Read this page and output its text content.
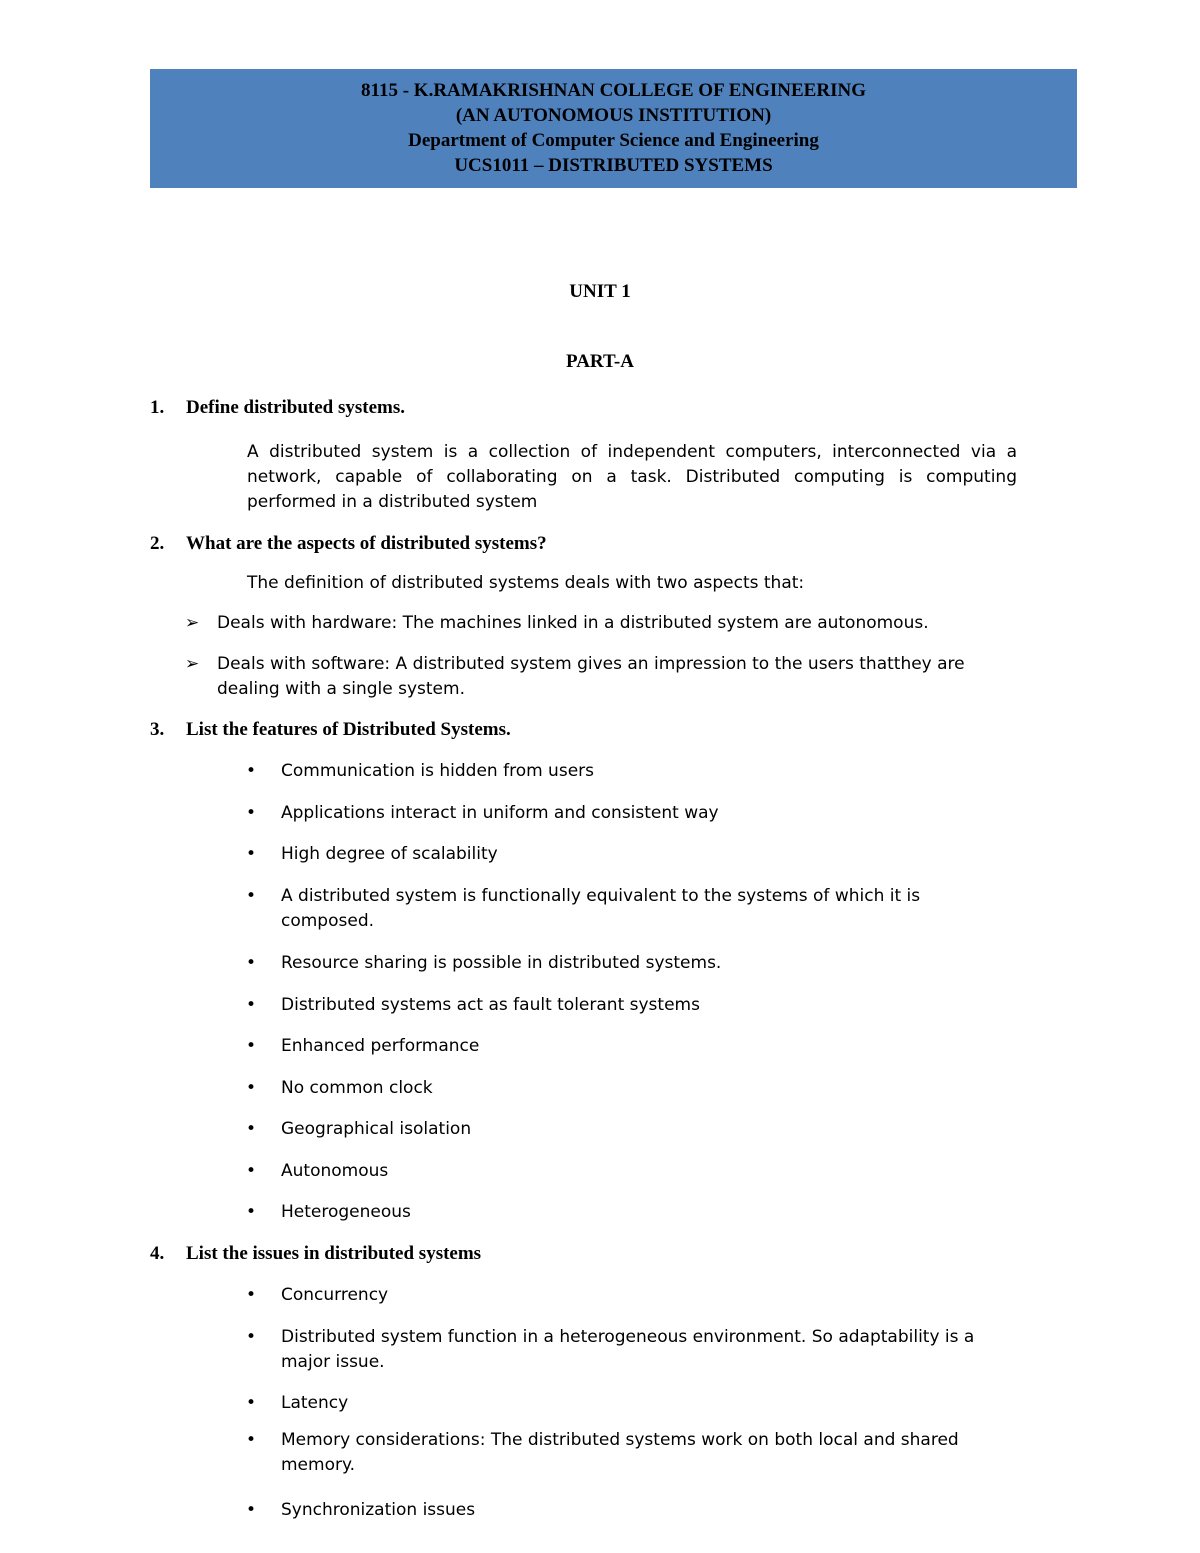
8115 - K.RAMAKRISHNAN COLLEGE OF ENGINEERING
(AN AUTONOMOUS INSTITUTION)
Department of Computer Science and Engineering
UCS1011 – DISTRIBUTED SYSTEMS
UNIT 1
PART-A
1. Define distributed systems.
A distributed system is a collection of independent computers, interconnected via a network, capable of collaborating on a task. Distributed computing is computing performed in a distributed system
2. What are the aspects of distributed systems?
The definition of distributed systems deals with two aspects that:
➢	Deals with hardware: The machines linked in a distributed system are autonomous.
➢	Deals with software: A distributed system gives an impression to the users thatthey are dealing with a single system.
3. List the features of Distributed Systems.
•	Communication is hidden from users
•	Applications interact in uniform and consistent way
•	High degree of scalability
•	A distributed system is functionally equivalent to the systems of which it is composed.
•	Resource sharing is possible in distributed systems.
•	Distributed systems act as fault tolerant systems
•	Enhanced performance
•	No common clock
•	Geographical isolation
•	Autonomous
•	Heterogeneous
4. List the issues in distributed systems
•	Concurrency
•	Distributed system function in a heterogeneous environment. So adaptability is a major issue.
•	Latency
•	Memory considerations: The distributed systems work on both local and shared memory.
•	Synchronization issues
